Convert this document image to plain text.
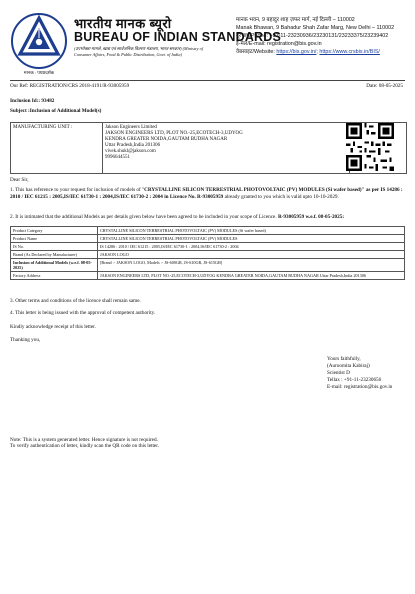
मानक : पथप्रदर्शक
भारतीय मानक ब्यूरो
BUREAU OF INDIAN STANDARDS
(उपभोक्ता मामले, खाद्य एवं सार्वजनिक वितरण मंत्रालय, भारत सरकार) (Ministry of Consumer Affairs, Food & Public Distribution, Govt. of India)
मानक भवन, 9 बहादुर शाह ज़फर मार्ग, नई दिल्ली – 110002
Manak Bhawan, 9 Bahadur Shah Zafar Marg, New Delhi – 110002
दूरभाष/Phone: +91-11-23230936/23230131/23233375/23239402
ई-मेल/E-mail: registration@bis.gov.in
वेबसाइट/Website: https://bis.gov.in/; https://www.crsbis.in/BIS/
Our Ref: REGISTRATION/CRS 2018-4191/R-93005959	Date: 08-05-2025
Inclusion Id:: 93482
Subject :Inclusion of Additional Model(s)
MANUFACTURING UNIT :	Jakson Engineers Limited
JAKSON ENGINEERS LTD, PLOT NO.-25,ECOTECH-3,UDYOG
KENDRA GREATER NOIDA,GAUTAM BUDHA NAGAR
Uttar Pradesh,India 201306
vivek.shukl@jakson.com
9996644551
Dear Sir,
1. This has reference to your request for inclusion of models of "CRYSTALLINE SILICON TERRESTRIAL PHOTOVOLTAIC (PV) MODULES (Si wafer based)" as per IS 14286 : 2010 / IEC 61215 : 2005,IS/IEC 61730-1 : 2004,IS/IEC 61730-2 : 2004 in Licence No. R-93005959 already granted to you which is valid upto 10-10-2029.
2. It is intimated that the additional Models as per details given below have been agreed to be included in your scope of Licence. R-93005959 w.e.f. 08-05-2025:
Product Category	CRYSTALLINE SILICON TERRESTRIAL PHOTOVOLTAIC (PV) MODULES (Si wafer based)
Product Name	CRYSTALLINE SILICON TERRESTRIAL PHOTOVOLTAIC (PV) MODULES
IS No.	IS 14286 : 2010 / IEC 61215 : 2005,IS/IEC 61730-1 : 2004,IS/IEC 61730-2 : 2004
Brand (As Declared by Manufacturer)	JAKSON LOGO
Inclusion of Additional Models (w.e.f. 08-05-2025)	[Brand :- JAKSON LOGO, Models :- JS-600GR, JS-610GR, JS-615GR]
Factory Address	JAKSON ENGINEERS LTD, PLOT NO.-25,ECOTECH-3,UDYOG KENDRA GREATER NOIDA,GAUTAM BUDHA NAGAR Uttar Pradesh,India 201306
3. Other terms and conditions of the licence shall remain same.
4. This letter is being issued with the approval of competent authority.
Kindly acknowledge receipt of this letter.
Thanking you,
Yours faithfully,
(Auroomita Kabiraj)
Scientist D
Tellax : +91-11-23230656
E-mail: registration@bis.gov.in
Note: This is a system generated letter. Hence signature is not required.
To verify authentication of letter, kindly scan the QR code on this letter.
